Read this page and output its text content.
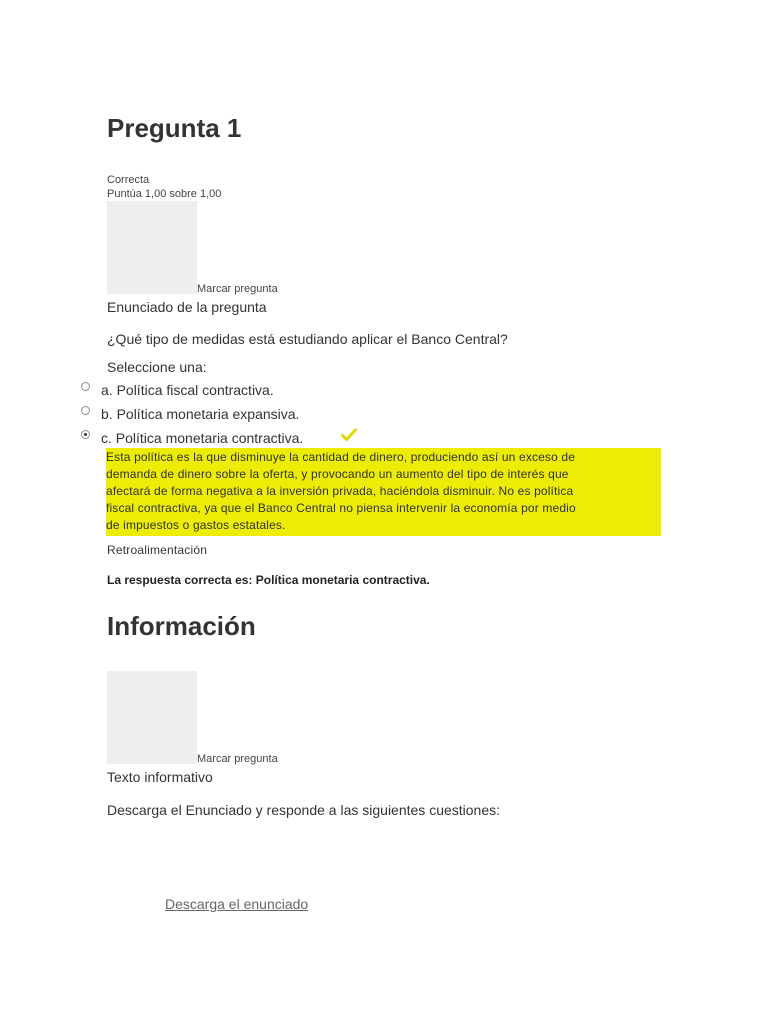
Pregunta 1
Correcta
Puntúa 1,00 sobre 1,00
Marcar pregunta
Enunciado de la pregunta
¿Qué tipo de medidas está estudiando aplicar el Banco Central?
Seleccione una:
a. Política fiscal contractiva.
b. Política monetaria expansiva.
c. Política monetaria contractiva.
Esta política es la que disminuye la cantidad de dinero, produciendo así un exceso de
demanda de dinero sobre la oferta, y provocando un aumento del tipo de interés que
afectará de forma negativa a la inversión privada, haciéndola disminuir. No es política
fiscal contractiva, ya que el Banco Central no piensa intervenir la economía por medio
de impuestos o gastos estatales.
Retroalimentación
La respuesta correcta es: Política monetaria contractiva.
Información
Marcar pregunta
Texto informativo
Descarga el Enunciado y responde a las siguientes cuestiones:
Descarga el enunciado
